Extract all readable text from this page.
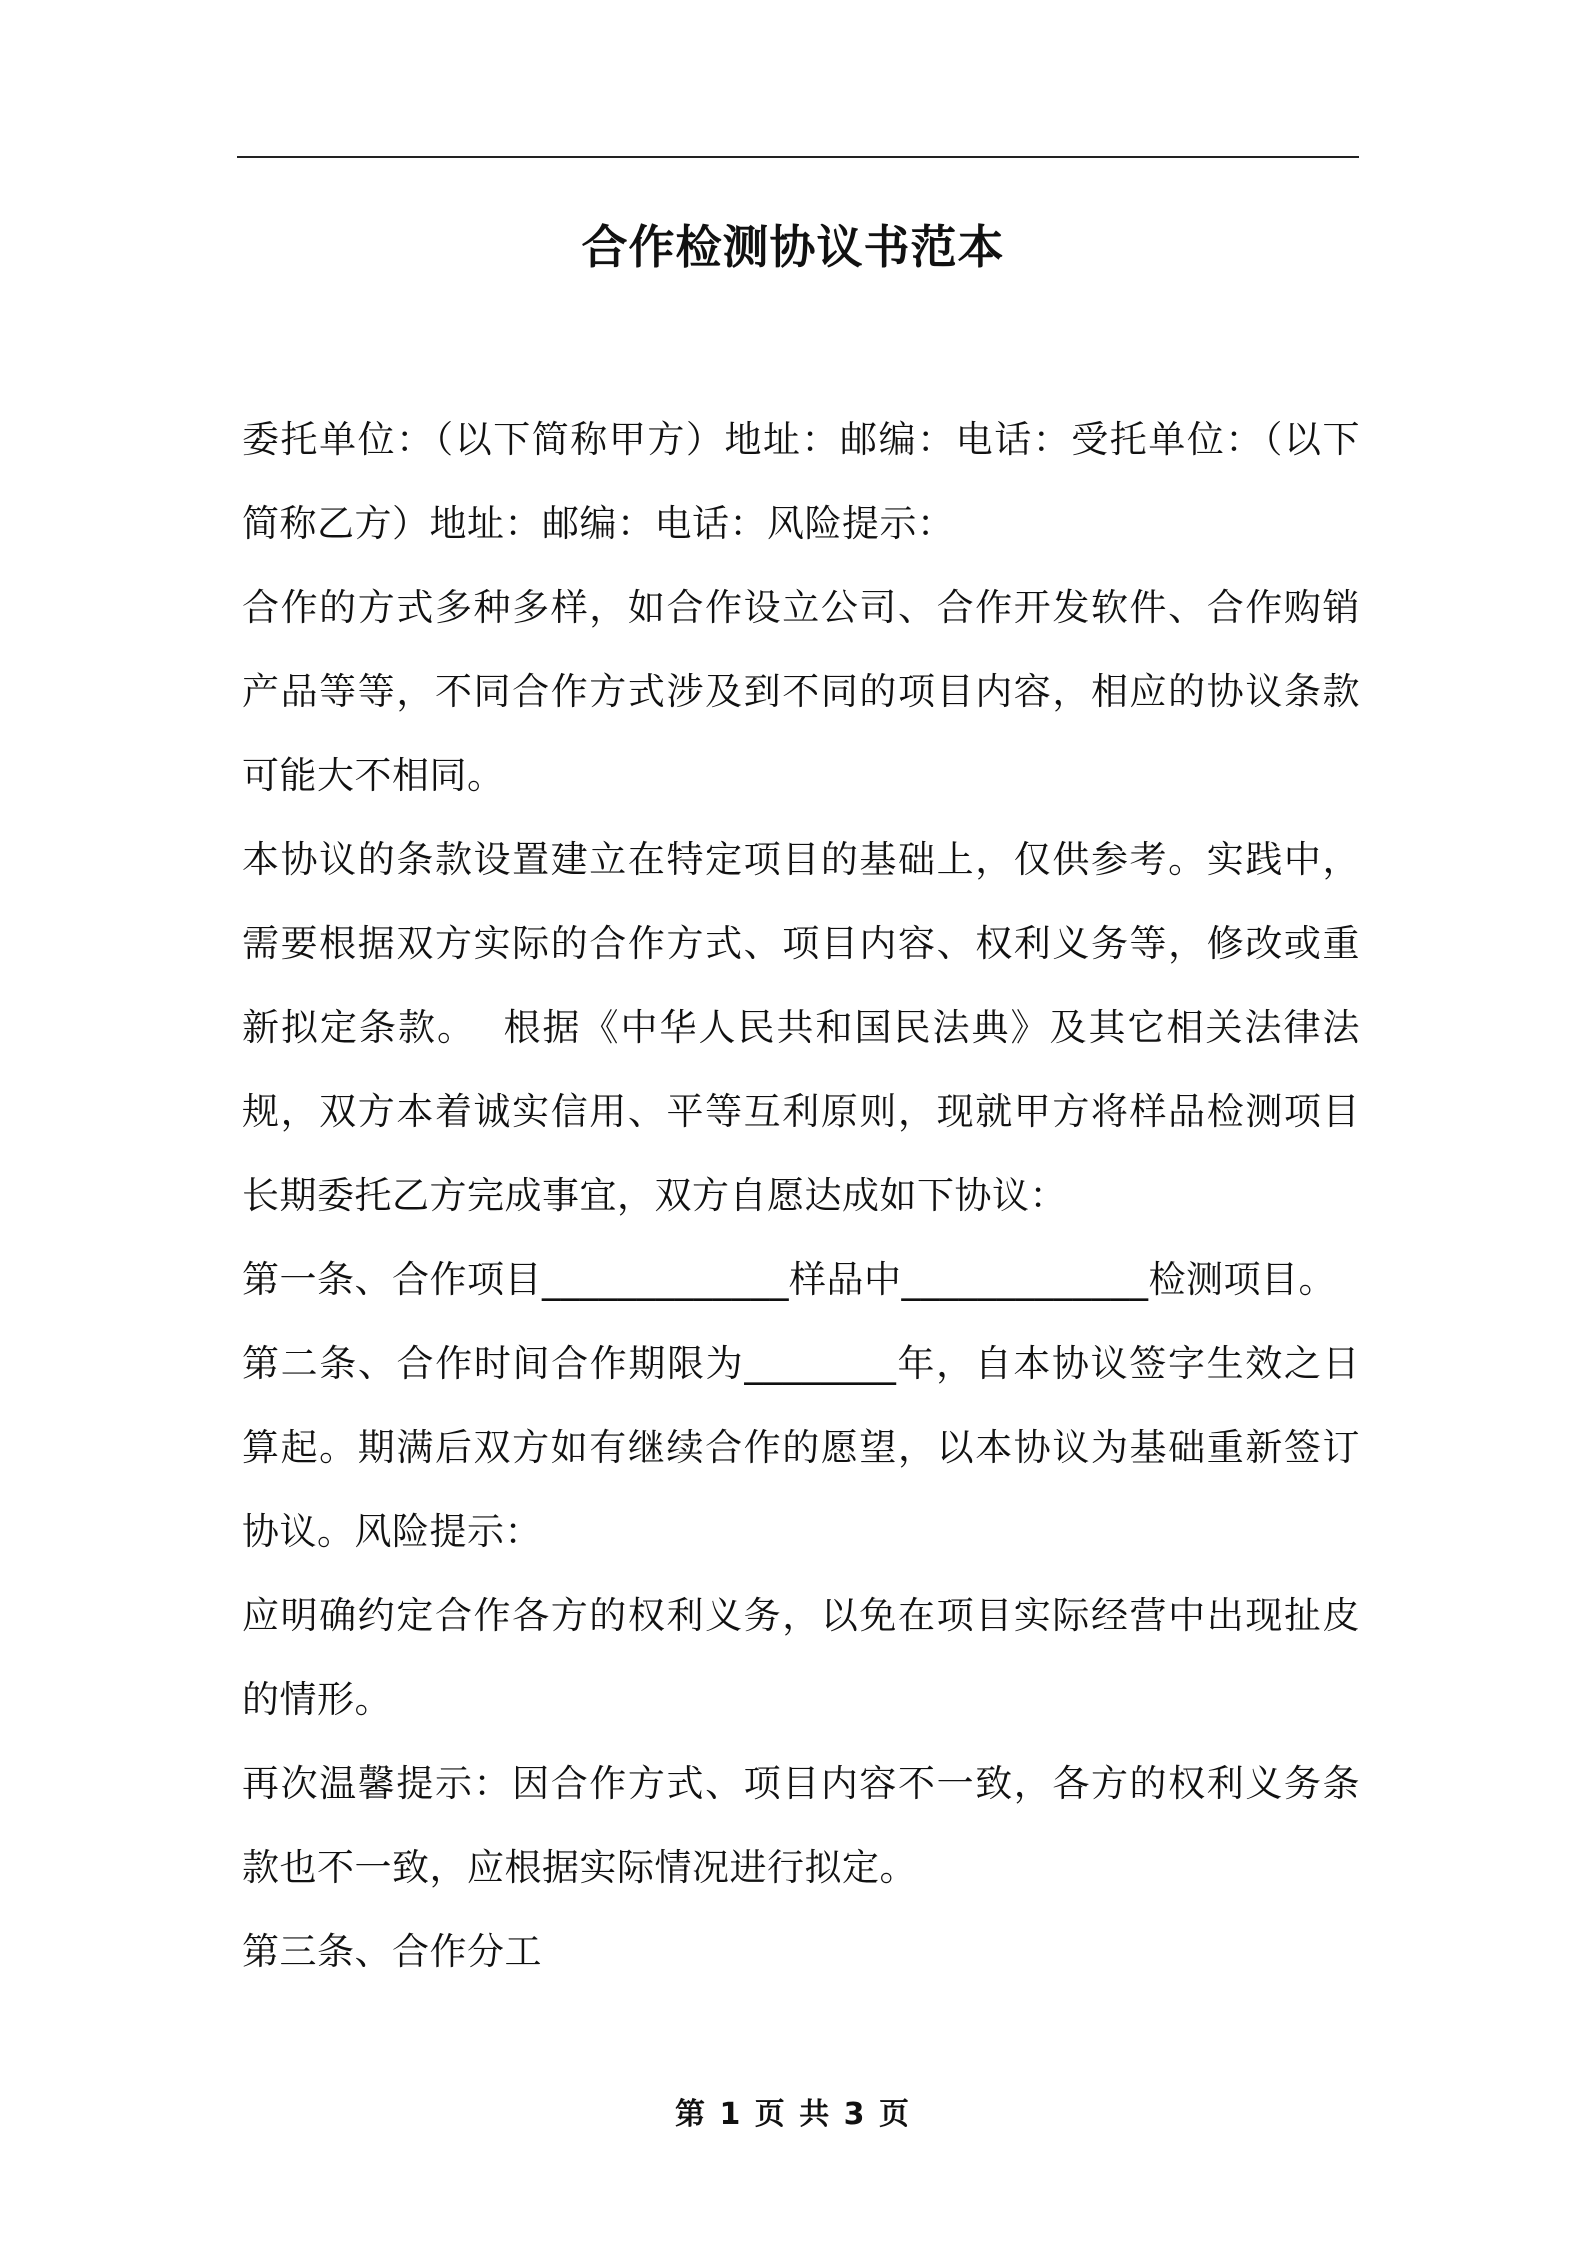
合作检测协议书范本

委托单位：（以下简称甲方）地址：邮编：电话：受托单位：（以下简称乙方）地址：邮编：电话：风险提示：

合作的方式多种多样，如合作设立公司、合作开发软件、合作购销产品等等，不同合作方式涉及到不同的项目内容，相应的协议条款可能大不相同。

本协议的条款设置建立在特定项目的基础上，仅供参考。实践中，需要根据双方实际的合作方式、项目内容、权利义务等，修改或重新拟定条款。  根据《中华人民共和国民法典》及其它相关法律法规，双方本着诚实信用、平等互利原则，现就甲方将样品检测项目长期委托乙方完成事宜，双方自愿达成如下协议：

第一条、合作项目_____________样品中_____________检测项目。

第二条、合作时间合作期限为________年，自本协议签字生效之日算起。期满后双方如有继续合作的愿望，以本协议为基础重新签订协议。风险提示：

应明确约定合作各方的权利义务，以免在项目实际经营中出现扯皮的情形。

再次温馨提示：因合作方式、项目内容不一致，各方的权利义务条款也不一致，应根据实际情况进行拟定。

第三条、合作分工

第 1 页 共 3 页
